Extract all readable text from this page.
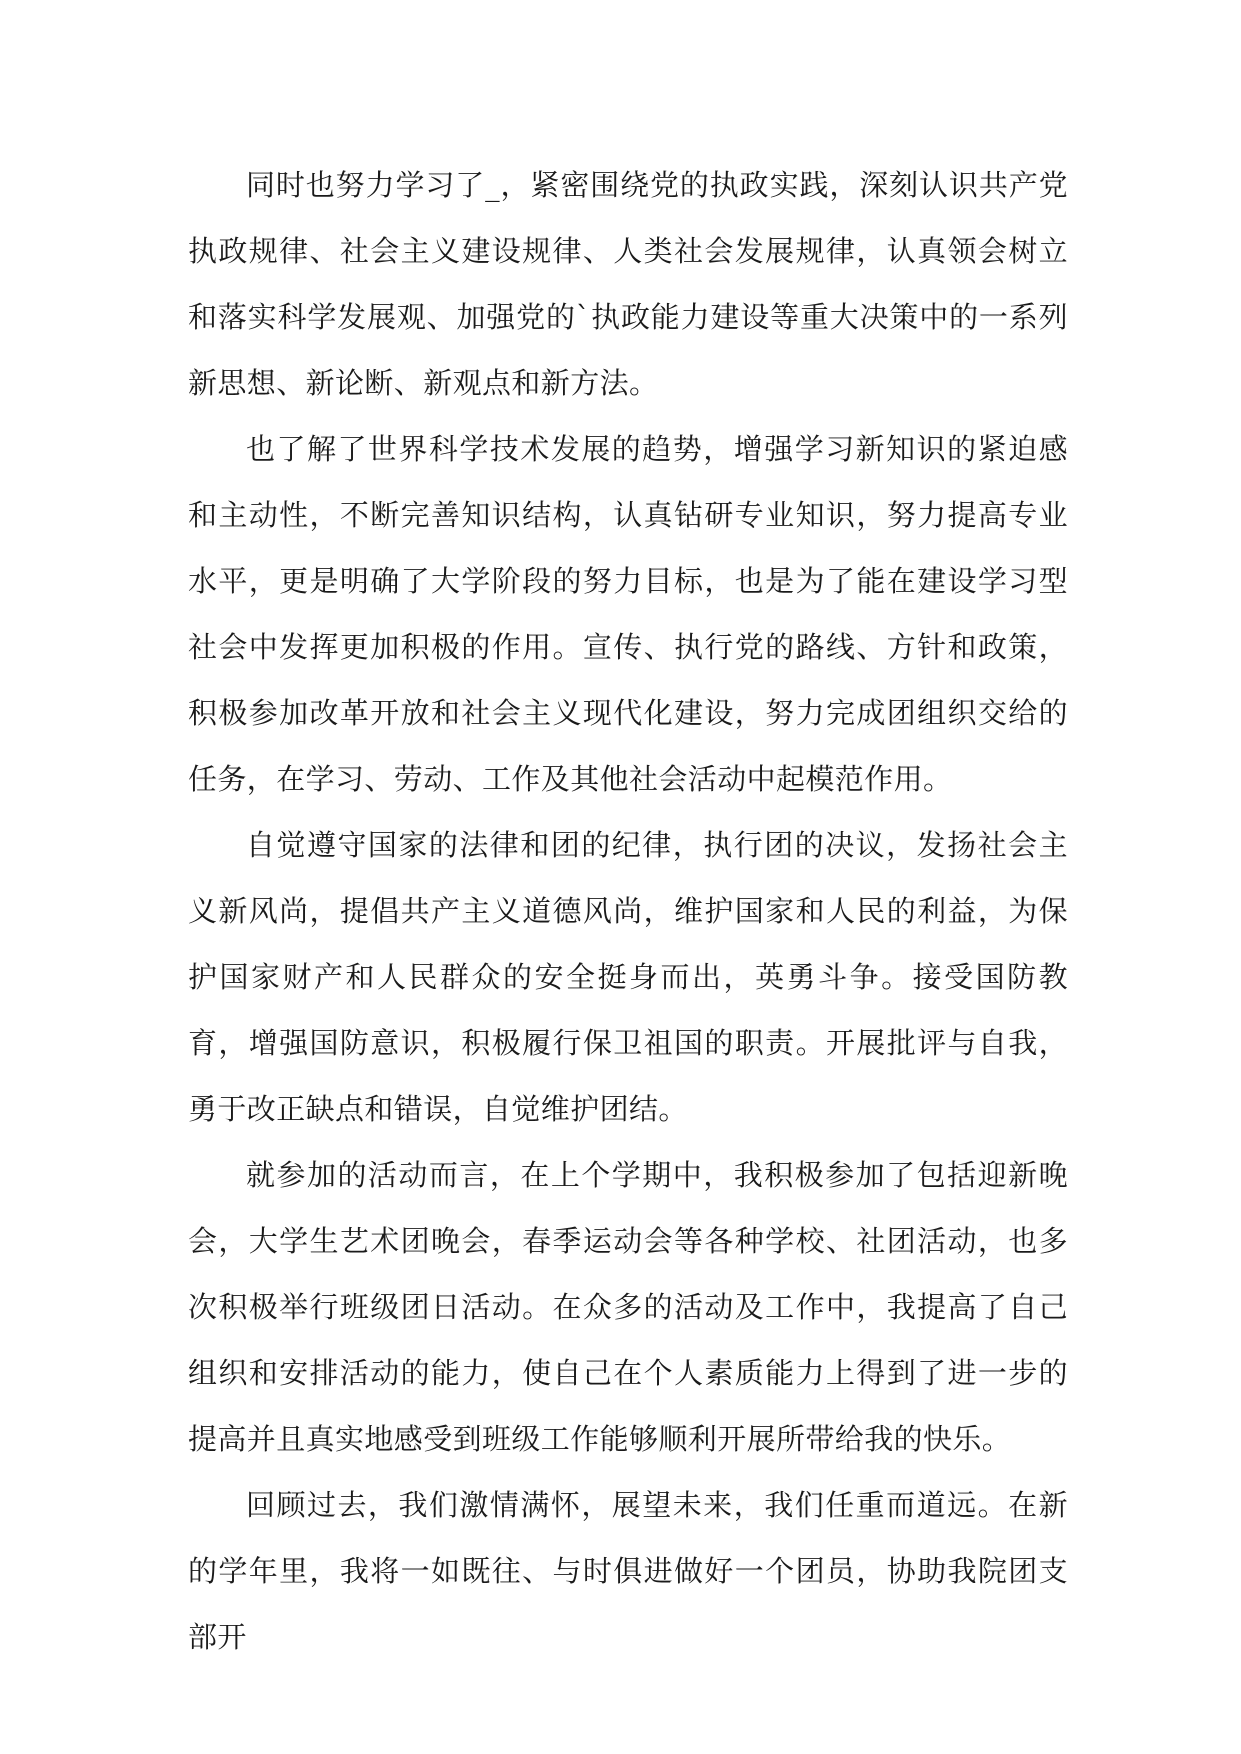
同时也努力学习了_，紧密围绕党的执政实践，深刻认识共产党执政规律、社会主义建设规律、人类社会发展规律，认真领会树立和落实科学发展观、加强党的`执政能力建设等重大决策中的一系列新思想、新论断、新观点和新方法。

也了解了世界科学技术发展的趋势，增强学习新知识的紧迫感和主动性，不断完善知识结构，认真钻研专业知识，努力提高专业水平，更是明确了大学阶段的努力目标，也是为了能在建设学习型社会中发挥更加积极的作用。宣传、执行党的路线、方针和政策，积极参加改革开放和社会主义现代化建设，努力完成团组织交给的任务，在学习、劳动、工作及其他社会活动中起模范作用。

自觉遵守国家的法律和团的纪律，执行团的决议，发扬社会主义新风尚，提倡共产主义道德风尚，维护国家和人民的利益，为保护国家财产和人民群众的安全挺身而出，英勇斗争。接受国防教育，增强国防意识，积极履行保卫祖国的职责。开展批评与自我，勇于改正缺点和错误，自觉维护团结。

就参加的活动而言，在上个学期中，我积极参加了包括迎新晚会，大学生艺术团晚会，春季运动会等各种学校、社团活动，也多次积极举行班级团日活动。在众多的活动及工作中，我提高了自己组织和安排活动的能力，使自己在个人素质能力上得到了进一步的提高并且真实地感受到班级工作能够顺利开展所带给我的快乐。

回顾过去，我们激情满怀，展望未来，我们任重而道远。在新的学年里，我将一如既往、与时俱进做好一个团员，协助我院团支部开
